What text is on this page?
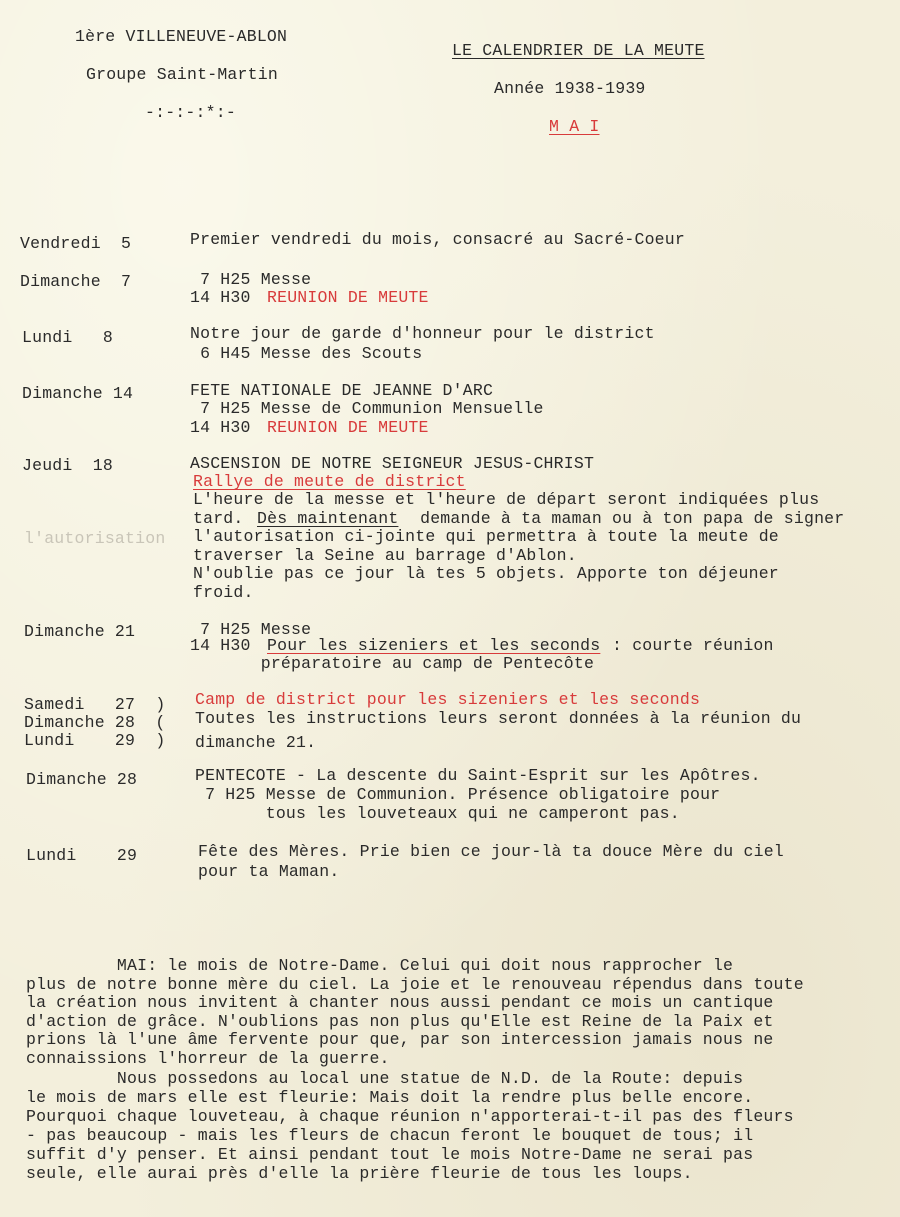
1ère VILLENEUVE-ABLON
Groupe Saint-Martin
-:-:-:*:-
LE CALENDRIER DE LA MEUTE
Année 1938-1939
M A I
Vendredi  5	Premier vendredi du mois, consacré au Sacré-Coeur
Dimanche  7	7 H25 Messe
14 H30 REUNION DE MEUTE
Lundi   8	Notre jour de garde d'honneur pour le district
6 H45 Messe des Scouts
Dimanche 14	FETE NATIONALE DE JEANNE D'ARC
7 H25 Messe de Communion Mensuelle
14 H30 REUNION DE MEUTE
Jeudi  18	ASCENSION DE NOTRE SEIGNEUR JESUS-CHRIST
Rallye de meute de district
L'heure de la messe et l'heure de départ seront indiquées plus
tard. Dès maintenant demande à ta maman ou à ton papa de signer
l'autorisation l'autorisation ci-jointe qui permettra à toute la meute de
traverser la Seine au barrage d'Ablon.
N'oublie pas ce jour là tes 5 objets. Apporte ton déjeuner
froid.
Dimanche 21	7 H25 Messe
14 H30 Pour les sizeniers et les seconds : courte réunion
préparatoire au camp de Pentecôte
Samedi   27  )
Dimanche 28  (
Lundi    29  )
Camp de district pour les sizeniers et les seconds
Toutes les instructions leurs seront données à la réunion du
dimanche 21.
Dimanche 28	PENTECOTE - La descente du Saint-Esprit sur les Apôtres.
7 H25 Messe de Communion. Présence obligatoire pour
tous les louveteaux qui ne camperont pas.
Lundi    29	Fête des Mères. Prie bien ce jour-là ta douce Mère du ciel
pour ta Maman.
MAI: le mois de Notre-Dame. Celui qui doit nous rapprocher le
plus de notre bonne mère du ciel. La joie et le renouveau répendus dans toute
la création nous invitent à chanter nous aussi pendant ce mois un cantique
d'action de grâce. N'oublions pas non plus qu'Elle est Reine de la Paix et
prions là l'une âme fervente pour que, par son intercession jamais nous ne
connaissions l'horreur de la guerre.
Nous possedons au local une statue de N.D. de la Route: depuis
le mois de mars elle est fleurie: Mais doit la rendre plus belle encore.
Pourquoi chaque louveteau, à chaque réunion n'apporterai-t-il pas des fleurs
- pas beaucoup - mais les fleurs de chacun feront le bouquet de tous; il
suffit d'y penser. Et ainsi pendant tout le mois Notre-Dame ne serai pas
seule, elle aurai près d'elle la prière fleurie de tous les loups.
